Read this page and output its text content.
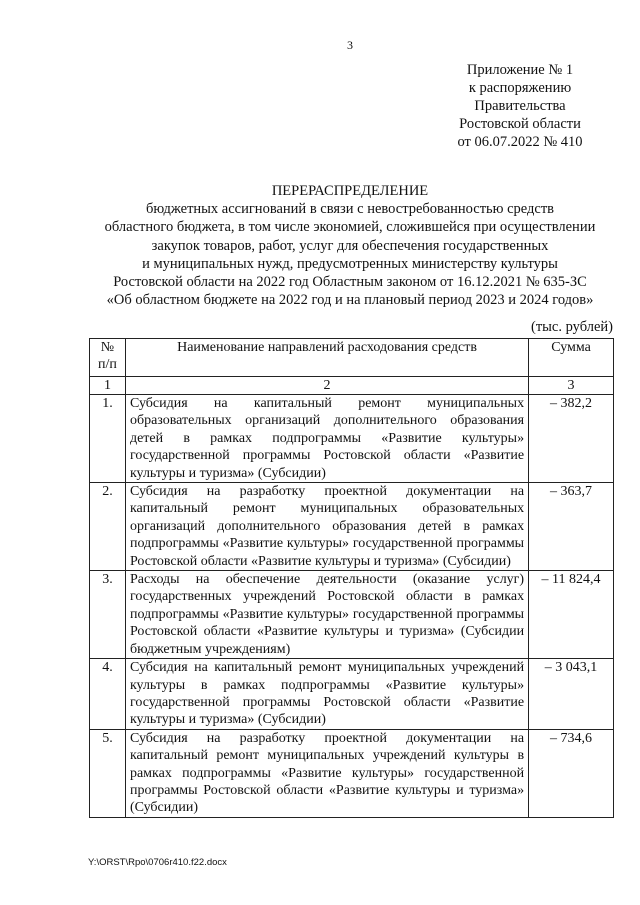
3
Приложение № 1
к распоряжению
Правительства
Ростовской области
от 06.07.2022 № 410
ПЕРЕРАСПРЕДЕЛЕНИЕ
бюджетных ассигнований в связи с невостребованностью средств
областного бюджета, в том числе экономией, сложившейся при осуществлении
закупок товаров, работ, услуг для обеспечения государственных
и муниципальных нужд, предусмотренных министерству культуры
Ростовской области на 2022 год Областным законом от 16.12.2021 № 635-ЗС
«Об областном бюджете на 2022 год и на плановый период 2023 и 2024 годов»
(тыс. рублей)
№ п/п	Наименование направлений расходования средств	Сумма
1	2	3
1.	Субсидия на капитальный ремонт муниципальных образовательных организаций дополнительного образования детей в рамках подпрограммы «Развитие культуры» государственной программы Ростовской области «Развитие культуры и туризма» (Субсидии)	– 382,2
2.	Субсидия на разработку проектной документации на капитальный ремонт муниципальных образовательных организаций дополнительного образования детей в рамках подпрограммы «Развитие культуры» государственной программы Ростовской области «Развитие культуры и туризма» (Субсидии)	– 363,7
3.	Расходы на обеспечение деятельности (оказание услуг) государственных учреждений Ростовской области в рамках подпрограммы «Развитие культуры» государственной программы Ростовской области «Развитие культуры и туризма» (Субсидии бюджетным учреждениям)	– 11 824,4
4.	Субсидия на капитальный ремонт муниципальных учреждений культуры в рамках подпрограммы «Развитие культуры» государственной программы Ростовской области «Развитие культуры и туризма» (Субсидии)	– 3 043,1
5.	Субсидия на разработку проектной документации на капитальный ремонт муниципальных учреждений культуры в рамках подпрограммы «Развитие культуры» государственной программы Ростовской области «Развитие культуры и туризма» (Субсидии)	– 734,6
Y:\ORST\Rpo\0706r410.f22.docx
